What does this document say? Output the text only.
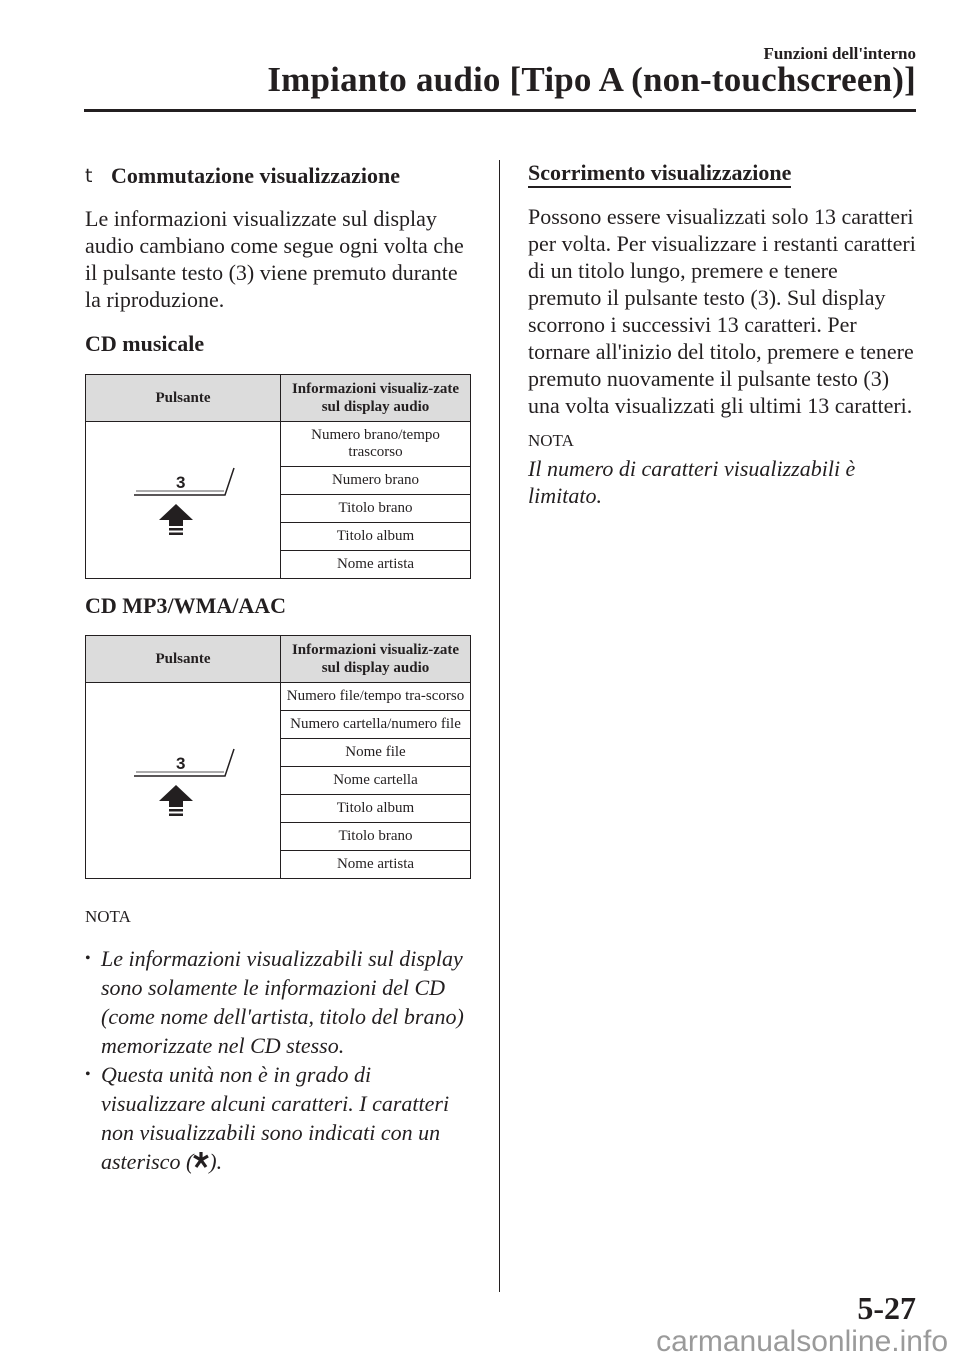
Funzioni dell'interno
Impianto audio [Tipo A (non-touchscreen)]
t Commutazione visualizzazione

Le informazioni visualizzate sul display audio cambiano come segue ogni volta che il pulsante testo (3) viene premuto durante la riproduzione.

CD musicale

Pulsante	Informazioni visualiz-zate sul display audio

3	Numero brano/tempo trascorso
	Numero brano
	Titolo brano
	Titolo album
	Nome artista

CD MP3/WMA/AAC

Pulsante	Informazioni visualiz-zate sul display audio

3	Numero file/tempo tra-scorso
	Numero cartella/numero file
	Nome file
	Nome cartella
	Titolo album
	Titolo brano
	Nome artista

NOTA

• Le informazioni visualizzabili sul display sono solamente le informazioni del CD (come nome dell'artista, titolo del brano) memorizzate nel CD stesso.
• Questa unità non è in grado di visualizzare alcuni caratteri. I caratteri non visualizzabili sono indicati con un asterisco ( ).
Scorrimento visualizzazione

Possono essere visualizzati solo 13 caratteri per volta. Per visualizzare i restanti caratteri di un titolo lungo, premere e tenere premuto il pulsante testo (3). Sul display scorrono i successivi 13 caratteri. Per tornare all'inizio del titolo, premere e tenere premuto nuovamente il pulsante testo (3) una volta visualizzati gli ultimi 13 caratteri.

NOTA

Il numero di caratteri visualizzabili è limitato.

5-27
carmanualsonline.info
